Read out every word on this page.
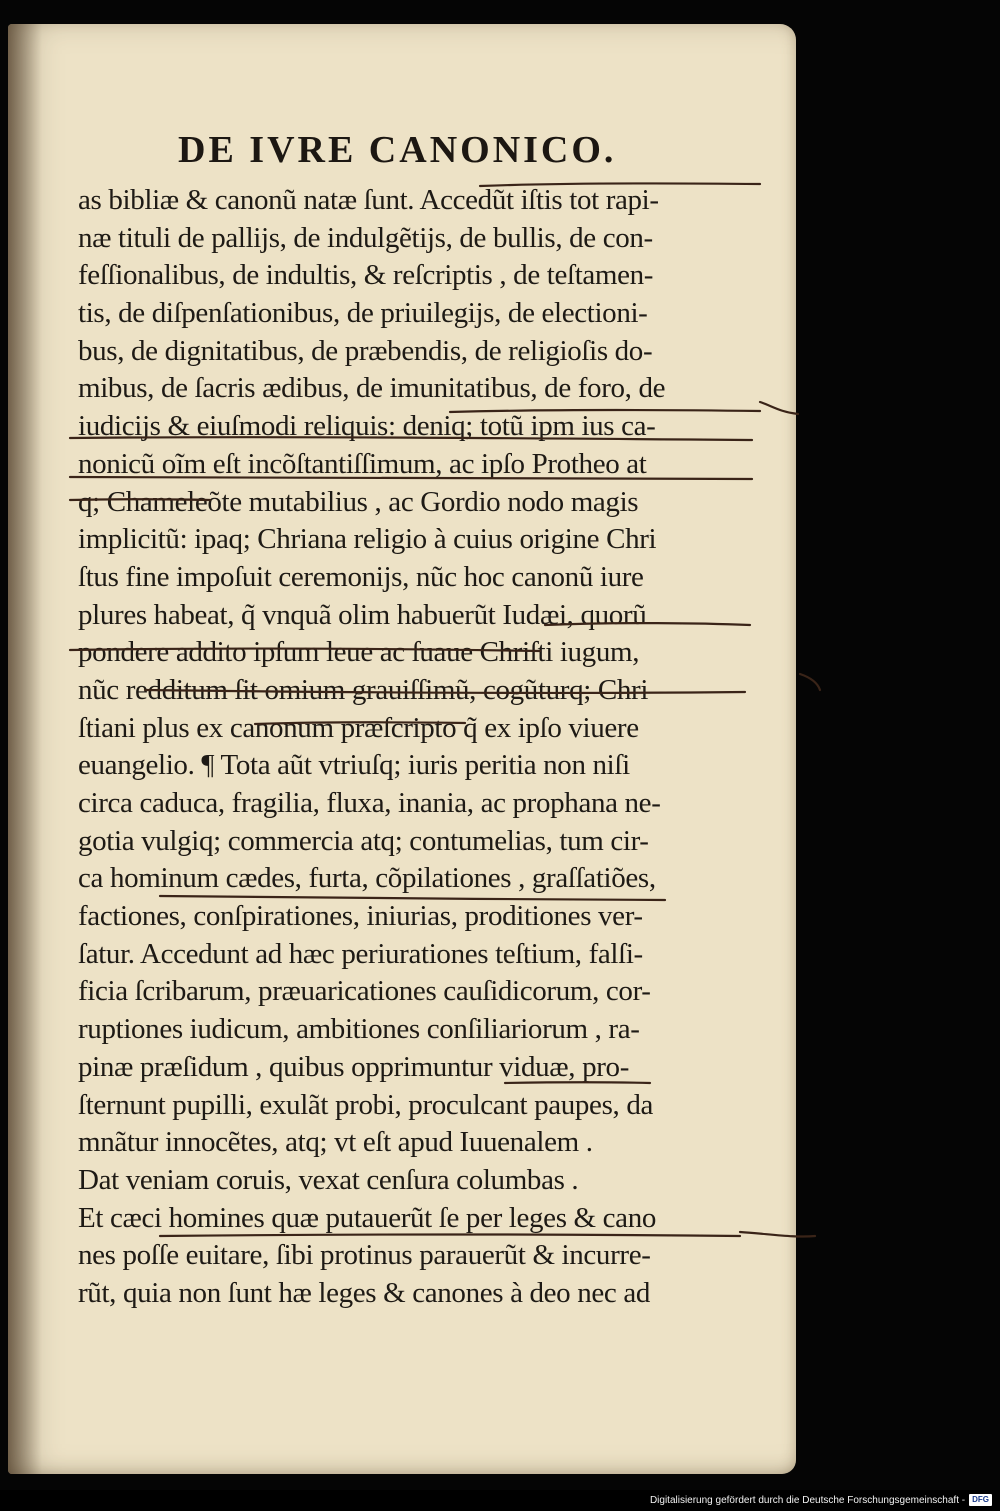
DE IVRE CANONICO.

as bibliæ & canonũ natæ ſunt. Accedũt iſtis tot rapi-

næ tituli de pallijs, de indulgẽtijs, de bullis, de con-

feſſionalibus, de indultis, & reſcriptis , de teſtamen-

tis, de diſpenſationibus, de priuilegijs, de electioni-

bus, de dignitatibus, de præbendis, de religioſis do-

mibus, de ſacris ædibus, de imunitatibus, de foro, de

iudicijs & eiuſmodi reliquis: deniq; totũ ipm ius ca-

nonicũ oĩm eſt incõſtantiſſimum, ac ipſo Protheo at

q; Chameleõte mutabilius , ac Gordio nodo magis

implicitũ: ipaq; Chriana religio à cuius origine Chri

ſtus fine impoſuit ceremonijs, nũc hoc canonũ iure

plures habeat, q̃ vnquã olim habuerũt Iudæi, quorũ

pondere addito ipſum leue ac ſuaue Chriſti iugum,

nũc redditum ſit omium grauiſſimũ, cogũturq; Chri

ſtiani plus ex canonum præſcripto q̃ ex ipſo viuere

euangelio. ¶ Tota aũt vtriuſq; iuris peritia non niſi

circa caduca, fragilia, fluxa, inania, ac prophana ne-

gotia vulgiq; commercia atq; contumelias, tum cir-

ca hominum cædes, furta, cõpilationes , graſſatiões,

factiones, conſpirationes, iniurias, proditiones ver-

ſatur. Accedunt ad hæc periurationes teſtium, falſi-

ficia ſcribarum, præuaricationes cauſidicorum, cor-

ruptiones iudicum, ambitiones conſiliariorum , ra-

pinæ præſidum , quibus opprimuntur viduæ, pro-

ſternunt pupilli, exulãt probi, proculcant paupes, da

mnãtur innocẽtes, atq; vt eſt apud Iuuenalem .

Dat veniam coruis, vexat cenſura columbas .

Et cæci homines quæ putauerũt ſe per leges & cano

nes poſſe euitare, ſibi protinus parauerũt & incurre-

rũt, quia non ſunt hæ leges & canones à deo nec ad

Digitalisierung gefördert durch die Deutsche Forschungsgemeinschaft - DFG
